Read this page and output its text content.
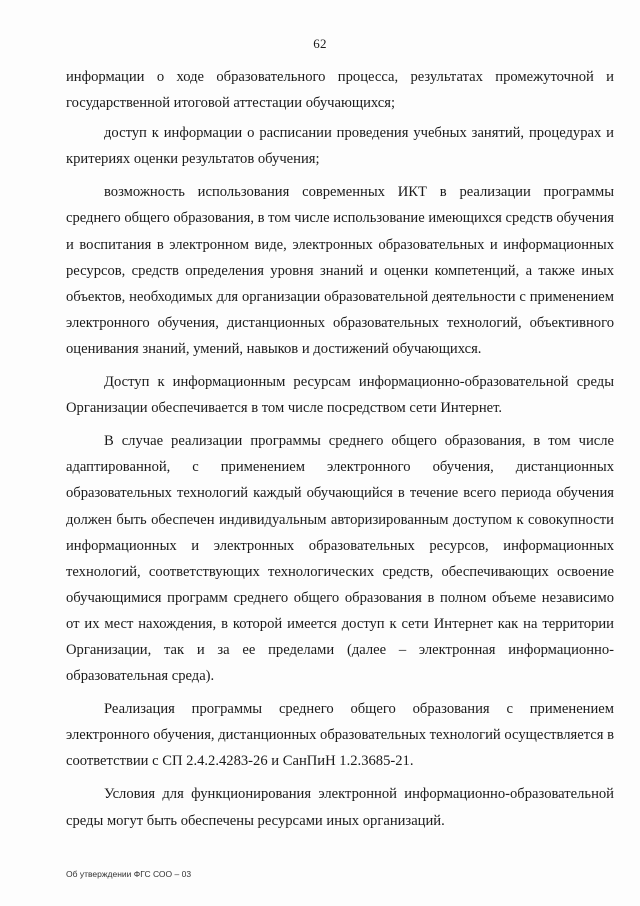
62

информации о ходе образовательного процесса, результатах промежуточной и государственной итоговой аттестации обучающихся;

доступ к информации о расписании проведения учебных занятий, процедурах и критериях оценки результатов обучения;

возможность использования современных ИКТ в реализации программы среднего общего образования, в том числе использование имеющихся средств обучения и воспитания в электронном виде, электронных образовательных и информационных ресурсов, средств определения уровня знаний и оценки компетенций, а также иных объектов, необходимых для организации образовательной деятельности с применением электронного обучения, дистанционных образовательных технологий, объективного оценивания знаний, умений, навыков и достижений обучающихся.

Доступ к информационным ресурсам информационно-образовательной среды Организации обеспечивается в том числе посредством сети Интернет.

В случае реализации программы среднего общего образования, в том числе адаптированной, с применением электронного обучения, дистанционных образовательных технологий каждый обучающийся в течение всего периода обучения должен быть обеспечен индивидуальным авторизированным доступом к совокупности информационных и электронных образовательных ресурсов, информационных технологий, соответствующих технологических средств, обеспечивающих освоение обучающимися программ среднего общего образования в полном объеме независимо от их мест нахождения, в которой имеется доступ к сети Интернет как на территории Организации, так и за ее пределами (далее – электронная информационно-образовательная среда).

Реализация программы среднего общего образования с применением электронного обучения, дистанционных образовательных технологий осуществляется в соответствии с СП 2.4.2.4283-26 и СанПиН 1.2.3685-21.

Условия для функционирования электронной информационно-образовательной среды могут быть обеспечены ресурсами иных организаций.

Об утверждении ФГС СОО – 03
